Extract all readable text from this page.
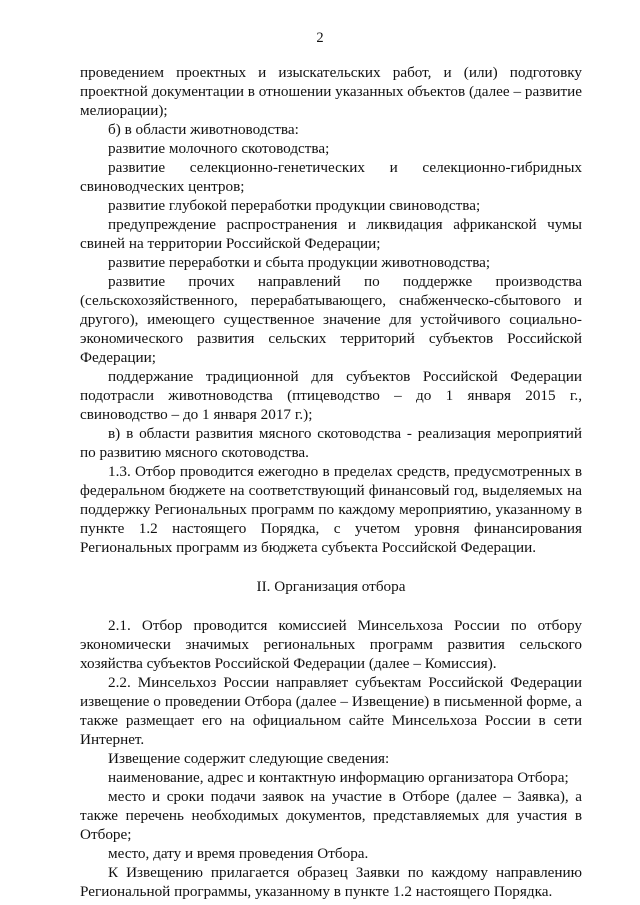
2

проведением проектных и изыскательских работ, и (или) подготовку проектной документации в отношении указанных объектов (далее – развитие мелиорации);

б) в области животноводства:

развитие молочного скотоводства;

развитие селекционно-генетических и селекционно-гибридных свиноводческих центров;

развитие глубокой переработки продукции свиноводства;

предупреждение распространения и ликвидация африканской чумы свиней на территории Российской Федерации;

развитие переработки и сбыта продукции животноводства;

развитие прочих направлений по поддержке производства (сельскохозяйственного, перерабатывающего, снабженческо-сбытового и другого), имеющего существенное значение для устойчивого социально-экономического развития сельских территорий субъектов Российской Федерации;

поддержание традиционной для субъектов Российской Федерации подотрасли животноводства (птицеводство – до 1 января 2015 г., свиноводство – до 1 января 2017 г.);

в) в области развития мясного скотоводства - реализация мероприятий по развитию мясного скотоводства.

1.3. Отбор проводится ежегодно в пределах средств, предусмотренных в федеральном бюджете на соответствующий финансовый год, выделяемых на поддержку Региональных программ по каждому мероприятию, указанному в пункте 1.2 настоящего Порядка, с учетом уровня финансирования Региональных программ из бюджета субъекта Российской Федерации.

II. Организация отбора

2.1. Отбор проводится комиссией Минсельхоза России по отбору экономически значимых региональных программ развития сельского хозяйства субъектов Российской Федерации (далее – Комиссия).

2.2. Минсельхоз России направляет субъектам Российской Федерации извещение о проведении Отбора (далее – Извещение) в письменной форме, а также размещает его на официальном сайте Минсельхоза России в сети Интернет.

Извещение содержит следующие сведения:

наименование, адрес и контактную информацию организатора Отбора;

место и сроки подачи заявок на участие в Отборе (далее – Заявка), а также перечень необходимых документов, представляемых для участия в Отборе;

место, дату и время проведения Отбора.

К Извещению прилагается образец Заявки по каждому направлению Региональной программы, указанному в пункте 1.2 настоящего Порядка.
